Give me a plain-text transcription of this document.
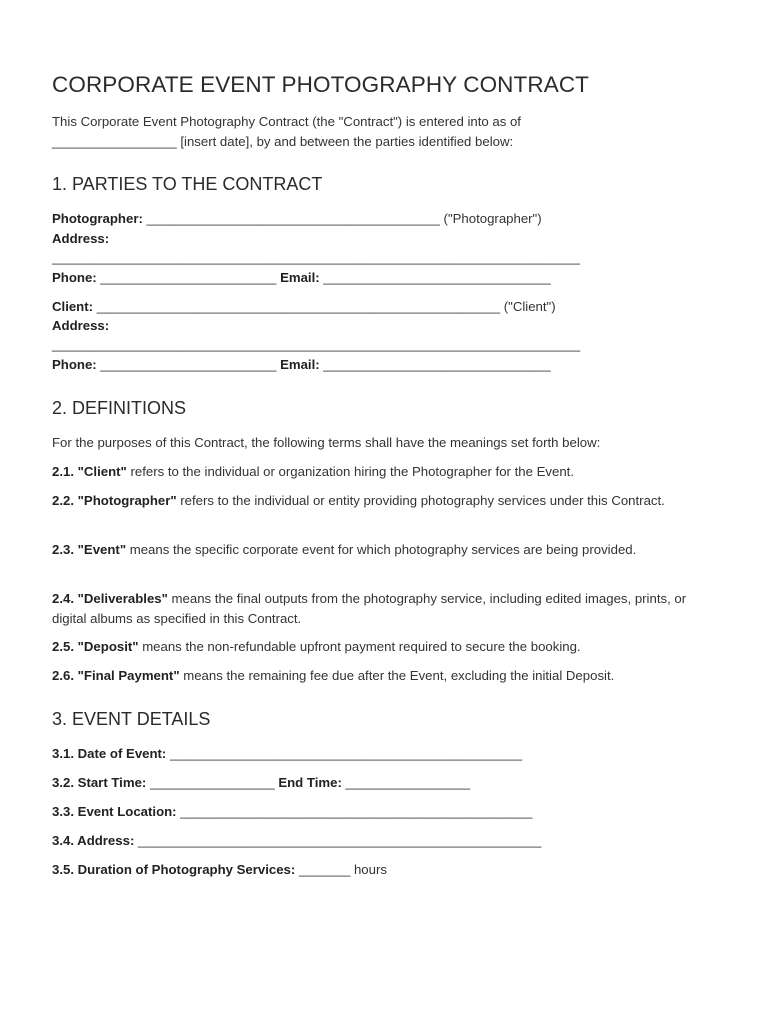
CORPORATE EVENT PHOTOGRAPHY CONTRACT

This Corporate Event Photography Contract (the "Contract") is entered into as of
_________________ [insert date], by and between the parties identified below:

1. PARTIES TO THE CONTRACT

Photographer: ________________________________________ ("Photographer")

Address:

________________________________________________________________________

Phone: ________________________ Email: _______________________________

Client: _______________________________________________________ ("Client")

Address:

________________________________________________________________________

Phone: ________________________ Email: _______________________________

2. DEFINITIONS

For the purposes of this Contract, the following terms shall have the meanings set forth below:

2.1. "Client" refers to the individual or organization hiring the Photographer for the Event.

2.2. "Photographer" refers to the individual or entity providing photography services under this Contract.

2.3. "Event" means the specific corporate event for which photography services are being provided.

2.4. "Deliverables" means the final outputs from the photography service, including edited images, prints, or digital albums as specified in this Contract.

2.5. "Deposit" means the non-refundable upfront payment required to secure the booking.

2.6. "Final Payment" means the remaining fee due after the Event, excluding the initial Deposit.

3. EVENT DETAILS

3.1. Date of Event: ________________________________________________

3.2. Start Time: _________________ End Time: _________________

3.3. Event Location: ________________________________________________

3.4. Address: _______________________________________________________

3.5. Duration of Photography Services: _______ hours
